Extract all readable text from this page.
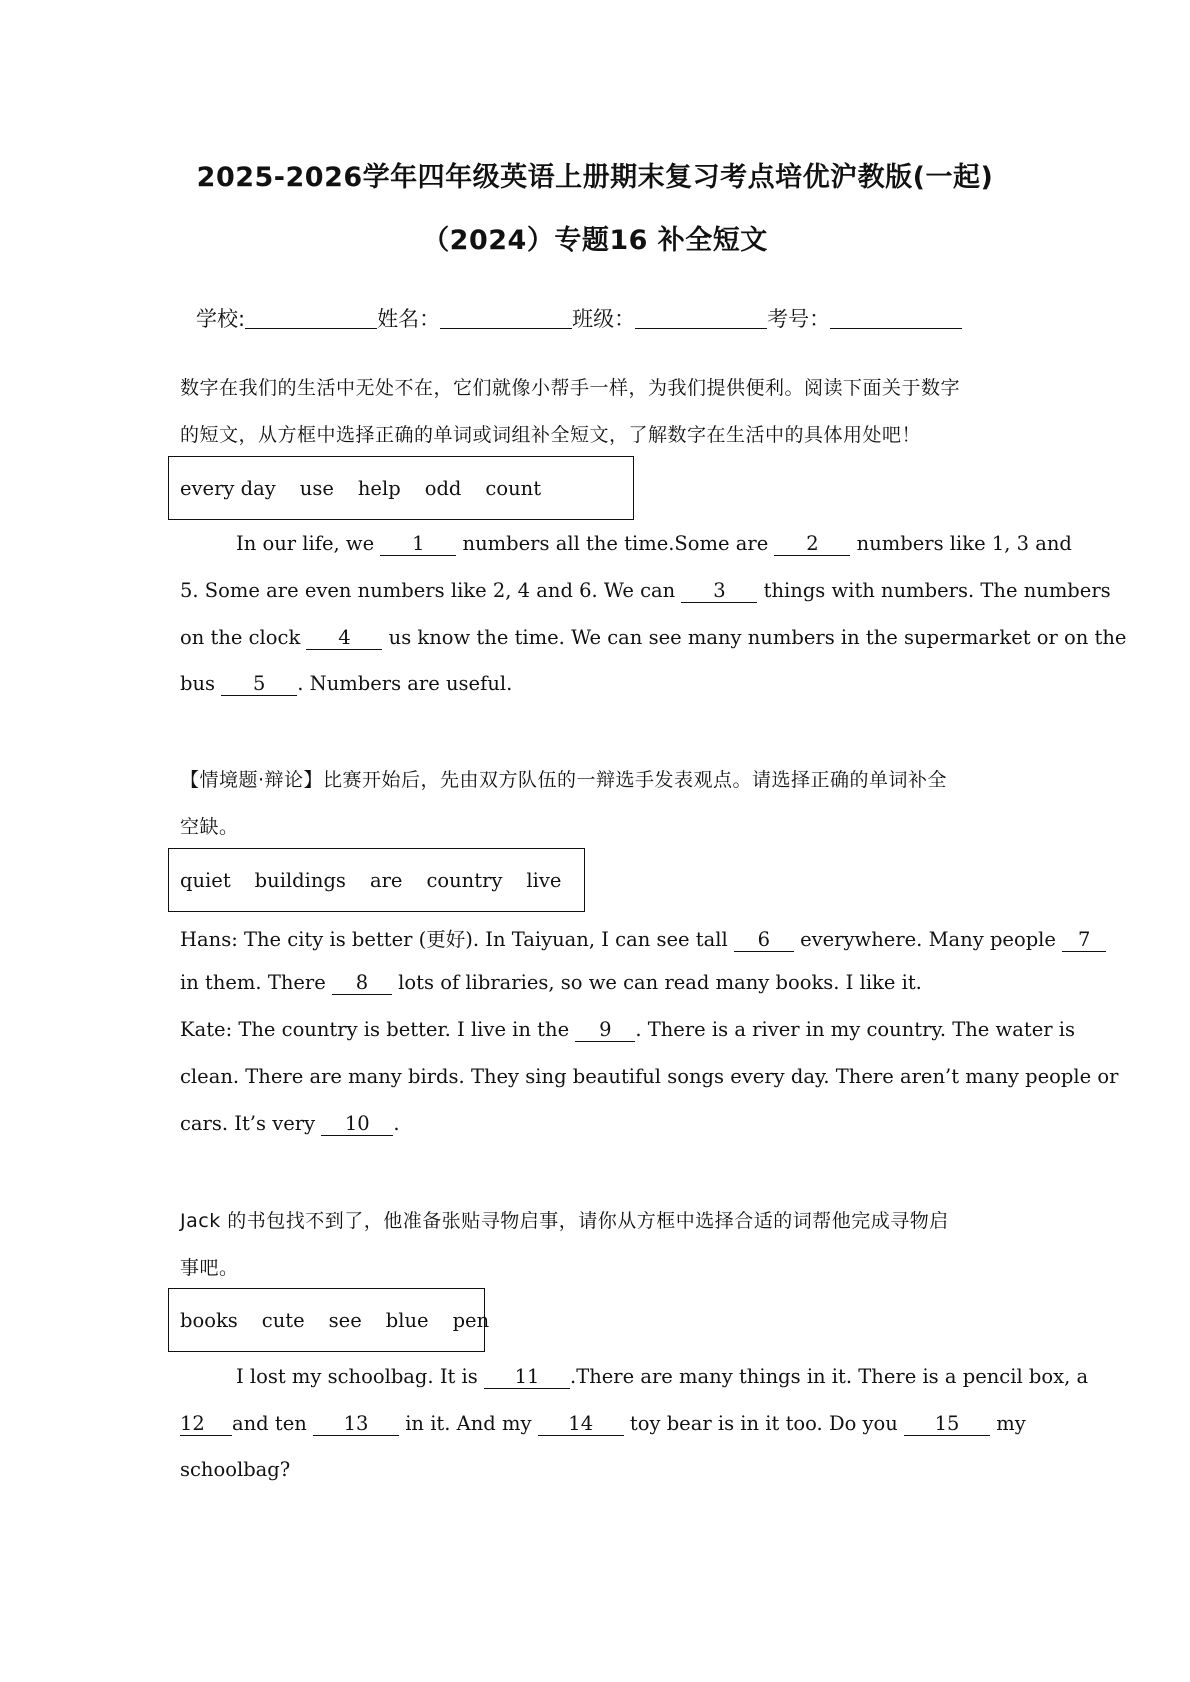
2025-2026学年四年级英语上册期末复习考点培优沪教版(一起)
（2024）专题16 补全短文
学校:	姓名：	班级：	考号：
数字在我们的生活中无处不在，它们就像小帮手一样，为我们提供便利。阅读下面关于数字
的短文，从方框中选择正确的单词或词组补全短文，了解数字在生活中的具体用处吧！
every day use help odd count
In our life, we 1 numbers all the time.Some are 2 numbers like 1, 3 and
5. Some are even numbers like 2, 4 and 6. We can 3 things with numbers. The numbers
on the clock 4 us know the time. We can see many numbers in the supermarket or on the
bus 5 . Numbers are useful.
【情境题·辩论】比赛开始后，先由双方队伍的一辩选手发表观点。请选择正确的单词补全
空缺。
quiet buildings are country live
Hans: The city is better (更好). In Taiyuan, I can see tall 6 everywhere. Many people 7
in them. There 8 lots of libraries, so we can read many books. I like it.
Kate: The country is better. I live in the 9 . There is a river in my country. The water is
clean. There are many birds. They sing beautiful songs every day. There aren’t many people or
cars. It’s very 10 .
Jack 的书包找不到了，他准备张贴寻物启事，请你从方框中选择合适的词帮他完成寻物启
事吧。
books cute see blue pen
I lost my schoolbag. It is 11 .There are many things in it. There is a pencil box, a
12 and ten 13 in it. And my 14 toy bear is in it too. Do you 15 my
schoolbag?
